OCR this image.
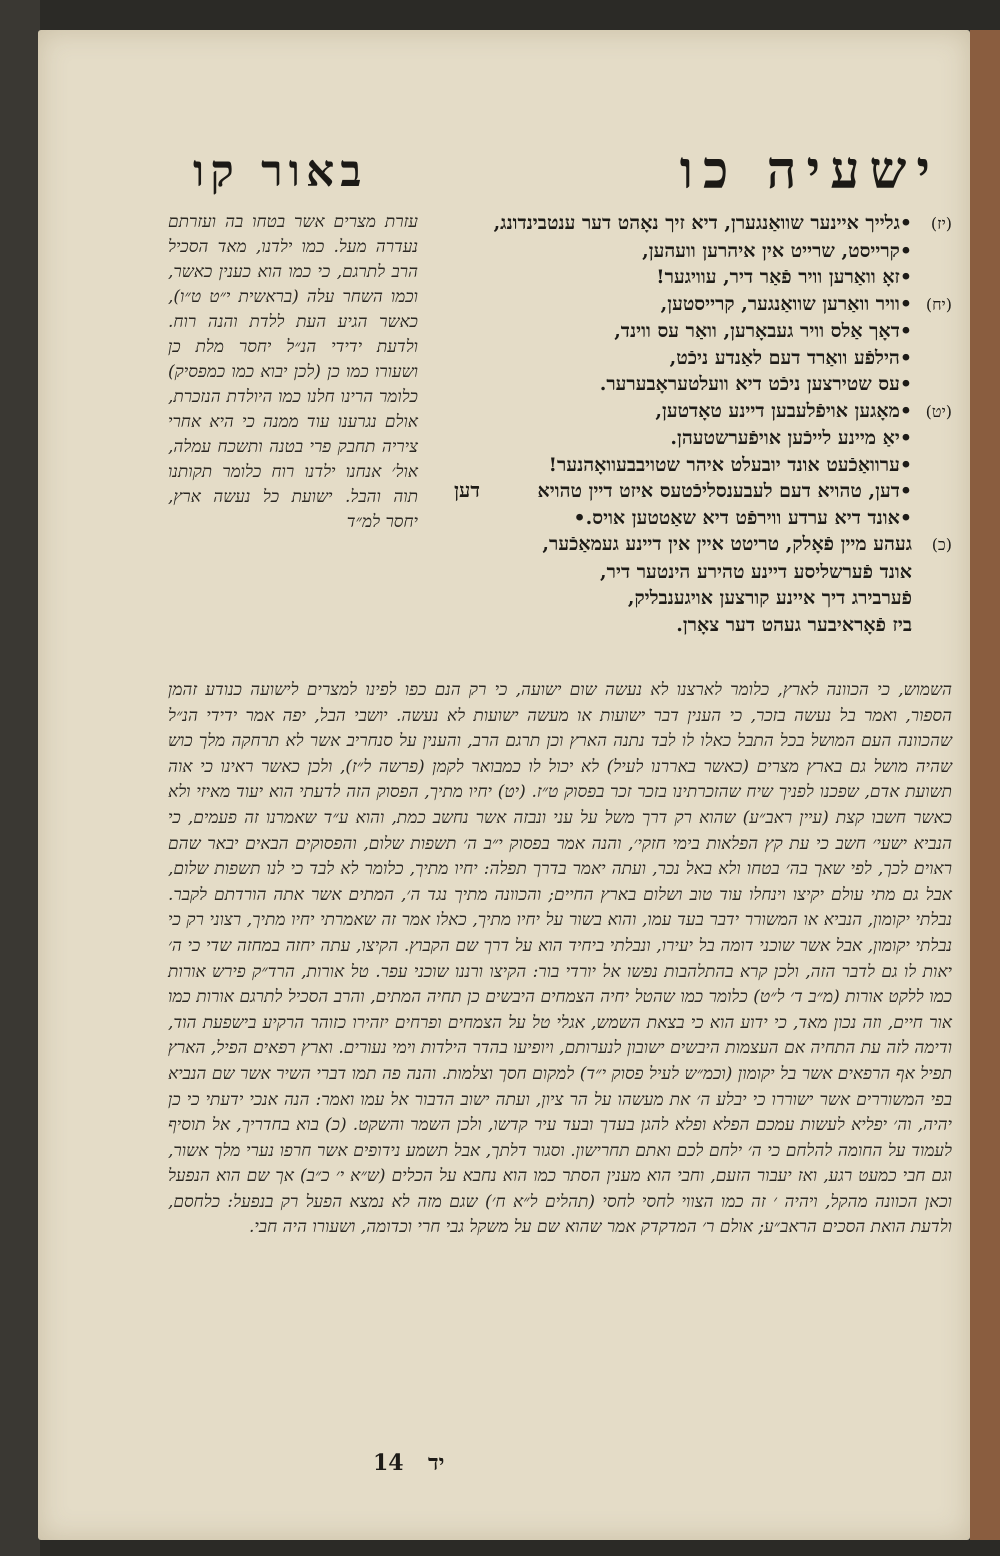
ישעיה כו
באור קו
(יז)•גלייך איינער שוואַנגערן, דיא זיך נאָהט דער ענטבינדונג,
•קרייסט, שרייט אין איהרען וועהען,
•זאָ וואַרען וויר פֿאַר דיר, עוויגער!
(יח)•וויר וואַרען שוואַנגער, קרייסטען,
•דאָך אַלס וויר געבאָרען, וואַר עס ווינד,
•הילפֿע וואַרד דעם לאַנדע ניכֿט,
•עס שטירצען ניכֿט דיא וועלטעראָבערער.
(יט)•מאָגען אויפֿלעבען דיינע טאָדטען,
•יאַ מיינע לייכֿען אויפֿערשטעהן.
•ערוואַכֿעט אונד יובעלט איהר שטויבבעוואָהנער!
•דען, טהויא דעם לעבענסליכֿטעס איזט דיין טהויא
•אונד דיא ערדע ווירפֿט דיא שאַטטען אויס.•
(כ)געהע מיין פֿאָלק, טריטט איין אין דיינע געמאַכֿער,
אונד פֿערשליסע דיינע טהירע הינטער דיר,
פֿערבירג דיך איינע קורצען אויגענבליק,
ביז פֿאָראיבער געהט דער צאָרן.
עזרת מצרים אשר בטחו בה ועזרתם נעדרה מעל. כמו ילדנו, מאד הסכיל הרב לתרגם, כי כמו הוא כענין כאשר, וכמו השחר עלה (בראשית י״ט ט״ו), כאשר הגיע העת ללדת והנה רוח. ולדעת ידידי הנ״ל יחסר מלת כן ושעורו כמו כן (לכן יבוא כמו כמפסיק) כלומר הרינו חלנו כמו היולדת הנזכרת, אולם נגרענו עוד ממנה כי היא אחרי ציריה תחבק פרי בטנה ותשכח עמלה, אול׳ אנחנו ילדנו רוח כלומר תקותנו תוה והבל. ישועת כל נעשה ארץ, יחסר למ״ד
דען

השמוש, כי הכוונה לארץ, כלומר לארצנו לא נעשה שום ישועה, כי רק הנם כפו לפינו למצרים לישועה כנודע זהמן הספור, ואמר בל נעשה בזכר, כי הענין דבר ישועות או מעשה ישועות לא נעשה. יושבי הבל, יפה אמר ידידי הנ״ל שהכוונה העם המושל בכל התבל כאלו לו לבד נתנה הארץ וכן תרגם הרב, והענין על סנחריב אשר לא תרחקה מלך כוש שהיה מושל גם בארץ מצרים (כאשר באררנו לעיל) לא יכול לו כמבואר לקמן (פרשה ל״ז), ולכן כאשר ראינו כי אוה תשועת אדם, שפכנו לפניך שיח שהזכרתינו בזכר זכר בפסוק ט״ז. (יט) יחיו מתיך, הפסוק הזה לדעתי הוא יעוד מאיזי ולא כאשר חשבו קצת (עיין ראב״ע) שהוא רק דרך משל על עני ונבזה אשר נחשב כמת, והוא ע״ד שאמרנו זה פעמים, כי הנביא ישעי׳ חשב כי עת קץ הפלאות בימי חזקי׳, והנה אמר בפסוק י״ב ה׳ תשפות שלום, והפסוקים הבאים יבאר שהם ראוים לכך, לפי שאך בה׳ בטחו ולא באל נכר, ועתה יאמר בדרך תפלה: יחיו מתיך, כלומר לא לבד כי לנו תשפות שלום, אבל גם מתי עולם יקיצו וינחלו עוד טוב ושלום בארץ החיים; והכוונה מתיך נגד ה׳, המתים אשר אתה הורדתם לקבר. נבלתי יקומון, הנביא או המשורר ידבר בעד עמו, והוא בשור על יחיו מתיך, כאלו אמר זה שאמרתי יחיו מתיך, רצוני רק כי נבלתי יקומון, אבל אשר שוכני דומה בל יעירו, ונבלתי ביחיד הוא על דרך שם הקבוץ. הקיצו, עתה יחזה במחזה שדי כי ה׳ יאות לו גם לדבר הזה, ולכן קרא בהתלהבות נפשו אל יורדי בור: הקיצו ורננו שוכני עפר. טל אורות, הרד״ק פירש אורות כמו ללקט אורות (מ״ב ד׳ ל״ט) כלומר כמו שהטל יחיה הצמחים היבשים כן תחיה המתים, והרב הסכיל לתרגם אורות כמו אור חיים, וזה נכון מאד, כי ידוע הוא כי בצאת השמש, אגלי טל על הצמחים ופרחים יזהירו כזוהר הרקיע בישפעת הוד, ודימה לזה עת התחיה אם העצמות היבשים ישובון לנערותם, ויופיעו בהדר הילדות וימי נעורים. וארץ רפאים הפיל, הארץ תפיל אף הרפאים אשר בל יקומון (וכמ״ש לעיל פסוק י״ד) למקום חסך וצלמות. והנה פה תמו דברי השיר אשר שם הנביא בפי המשוררים אשר ישוררו כי יבלע ה׳ את מעשהו על הר ציון, ועתה ישוב הדבור אל עמו ואמר: הנה אנכי ידעתי כי כן יהיה, וה׳ יפליא לעשות עמכם הפלא ופלא להגן בעדך ובעד עיר קדשו, ולכן השמר והשקט. (כ) בוא בחדריך, אל תוסיף לעמוד על החומה להלחם כי ה׳ ילחם לכם ואתם תחרישון. וסגור דלתך, אבל תשמע נידופים אשר חרפו נערי מלך אשור, וגם חבי כמעט רגע, ואז יעבור הזעם, וחבי הוא מענין הסתר כמו הוא נחבא על הכלים (ש״א י׳ כ״ב) אך שם הוא הנפעל וכאן הכוונה מהקל, ויהיה ׳ זה כמו הצווי לחסי לחסי (תהלים ל״א ח׳) שגם מזה לא נמצא הפעל רק בנפעל: כלחסם, ולדעת הואת הסכים הראב״ע; אולם ר׳ המדקדק אמר שהוא שם על משקל גבי חרי וכדומה, ושעורו היה חבי.

14 יד
